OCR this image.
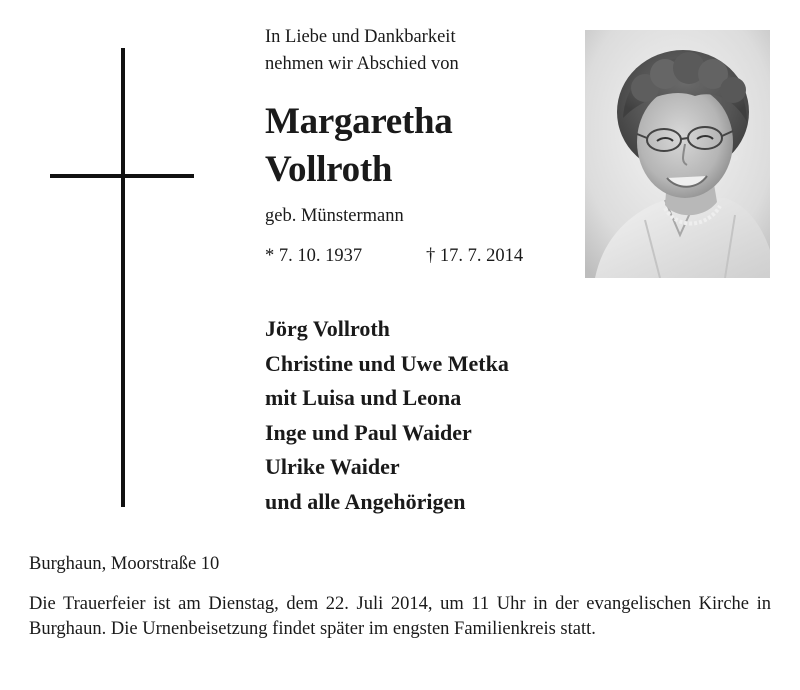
In Liebe und Dankbarkeit
nehmen wir Abschied von
Margaretha
Vollroth
geb. Münstermann
* 7. 10. 1937	† 17. 7. 2014
Jörg Vollroth
Christine und Uwe Metka
mit Luisa und Leona
Inge und Paul Waider
Ulrike Waider
und alle Angehörigen
Burghaun, Moorstraße 10
Die Trauerfeier ist am Dienstag, dem 22. Juli 2014, um 11 Uhr in der evangelischen Kirche in Burghaun. Die Urnenbeisetzung findet später im engsten Familienkreis statt.
